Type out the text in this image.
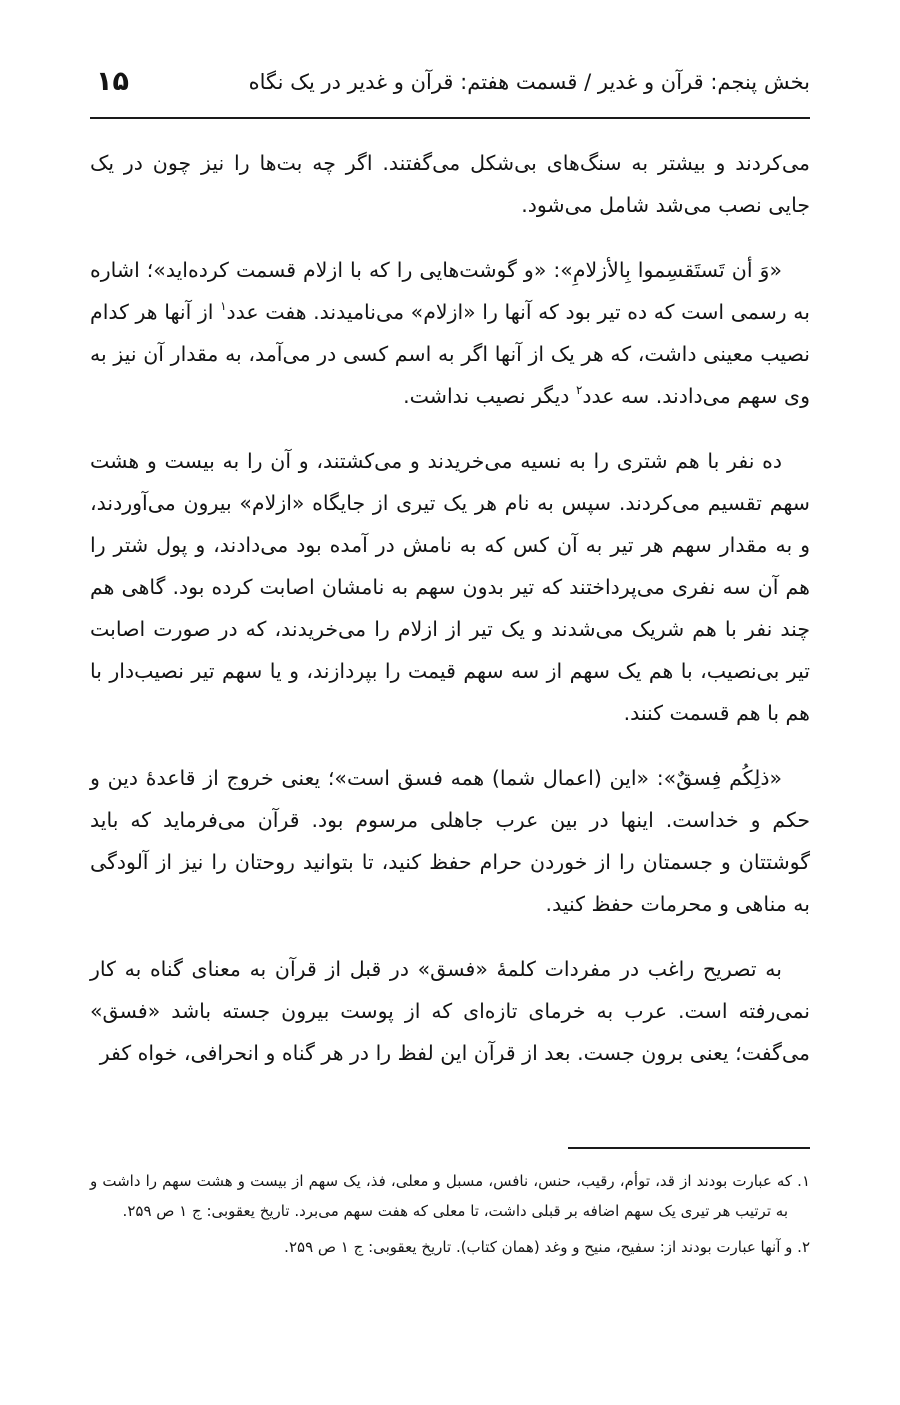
بخش پنجم: قرآن و غدیر / قسمت هفتم: قرآن و غدیر در یک نگاه
۱۵

می‌کردند و بیشتر به سنگ‌های بی‌شکل می‌گفتند. اگر چه بت‌ها را نیز چون در یک جایی نصب می‌شد شامل می‌شود.

«وَ أن تَستَقسِموا بِالأزلامِ»: «و گوشت‌هایی را که با ازلام قسمت کرده‌اید»؛ اشاره به رسمی است که ده تیر بود که آنها را «ازلام» می‌نامیدند. هفت عدد$^۱$ از آنها هر کدام نصیب معینی داشت، که هر یک از آنها اگر به اسم کسی در می‌آمد، به مقدار آن نیز به وی سهم می‌دادند. سه عدد$^۲$ دیگر نصیب نداشت.

ده نفر با هم شتری را به نسیه می‌خریدند و می‌کشتند، و آن را به بیست و هشت سهم تقسیم می‌کردند. سپس به نام هر یک تیری از جایگاه «ازلام» بیرون می‌آوردند، و به مقدار سهم هر تیر به آن کس که به نامش در آمده بود می‌دادند، و پول شتر را هم آن سه نفری می‌پرداختند که تیر بدون سهم به نامشان اصابت کرده بود. گاهی هم چند نفر با هم شریک می‌شدند و یک تیر از ازلام را می‌خریدند، که در صورت اصابت تیر بی‌نصیب، با هم یک سهم از سه سهم قیمت را بپردازند، و یا سهم تیر نصیب‌دار با هم با هم قسمت کنند.

«ذلِکُم فِسقٌ»: «این (اعمال شما) همه فسق است»؛ یعنی خروج از قاعدهٔ دین و حکم و خداست. اینها در بین عرب جاهلی مرسوم بود. قرآن می‌فرماید که باید گوشتتان و جسمتان را از خوردن حرام حفظ کنید، تا بتوانید روحتان را نیز از آلودگی به مناهی و محرمات حفظ کنید.

به تصریح راغب در مفردات کلمهٔ «فسق» در قبل از قرآن به معنای گناه به کار نمی‌رفته است. عرب به خرمای تازه‌ای که از پوست بیرون جسته باشد «فسق» می‌گفت؛ یعنی برون جست. بعد از قرآن این لفظ را در هر گناه و انحرافی، خواه کفر

۱. که عبارت بودند از قد، توأم، رقیب، حنس، نافس، مسبل و معلی، فذ، یک سهم از بیست و هشت سهم را داشت و به ترتیب هر تیری یک سهم اضافه بر قبلی داشت، تا معلی که هفت سهم می‌برد. تاریخ یعقوبی: ج ۱ ص ۲۵۹.

۲. و آنها عبارت بودند از: سفیح، منیح و وغد (همان کتاب). تاریخ یعقوبی: ج ۱ ص ۲۵۹.
